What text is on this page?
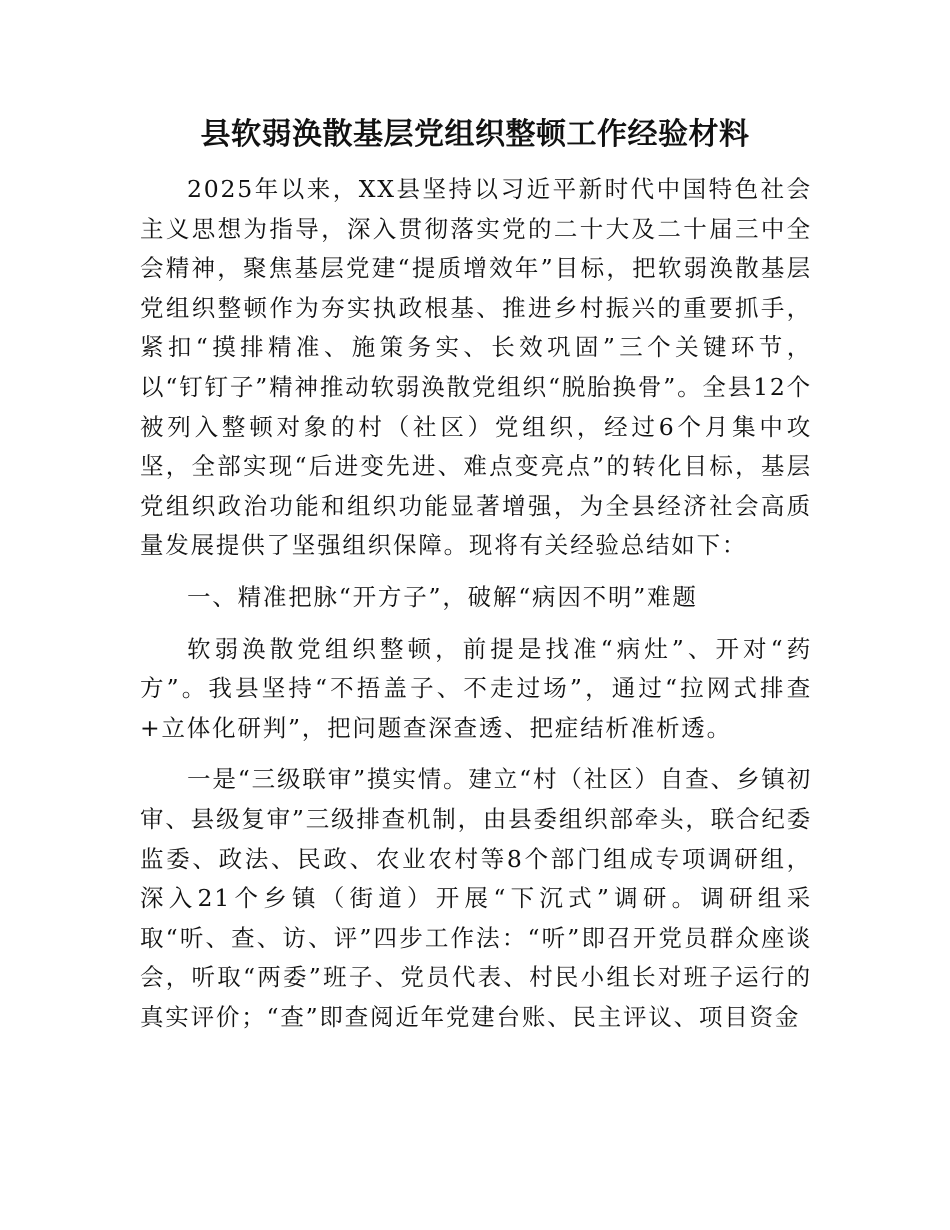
县软弱涣散基层党组织整顿工作经验材料

2025年以来，XX县坚持以习近平新时代中国特色社会主义思想为指导，深入贯彻落实党的二十大及二十届三中全会精神，聚焦基层党建“提质增效年”目标，把软弱涣散基层党组织整顿作为夯实执政根基、推进乡村振兴的重要抓手，紧扣“摸排精准、施策务实、长效巩固”三个关键环节，以“钉钉子”精神推动软弱涣散党组织“脱胎换骨”。全县12个被列入整顿对象的村（社区）党组织，经过6个月集中攻坚，全部实现“后进变先进、难点变亮点”的转化目标，基层党组织政治功能和组织功能显著增强，为全县经济社会高质量发展提供了坚强组织保障。现将有关经验总结如下：

一、精准把脉“开方子”，破解“病因不明”难题

软弱涣散党组织整顿，前提是找准“病灶”、开对“药方”。我县坚持“不捂盖子、不走过场”，通过“拉网式排查+立体化研判”，把问题查深查透、把症结析准析透。

一是“三级联审”摸实情。建立“村（社区）自查、乡镇初审、县级复审”三级排查机制，由县委组织部牵头，联合纪委监委、政法、民政、农业农村等8个部门组成专项调研组，深入21个乡镇（街道）开展“下沉式”调研。调研组采取“听、查、访、评”四步工作法：“听”即召开党员群众座谈会，听取“两委”班子、党员代表、村民小组长对班子运行的真实评价；“查”即查阅近年党建台账、民主评议、项目资金
